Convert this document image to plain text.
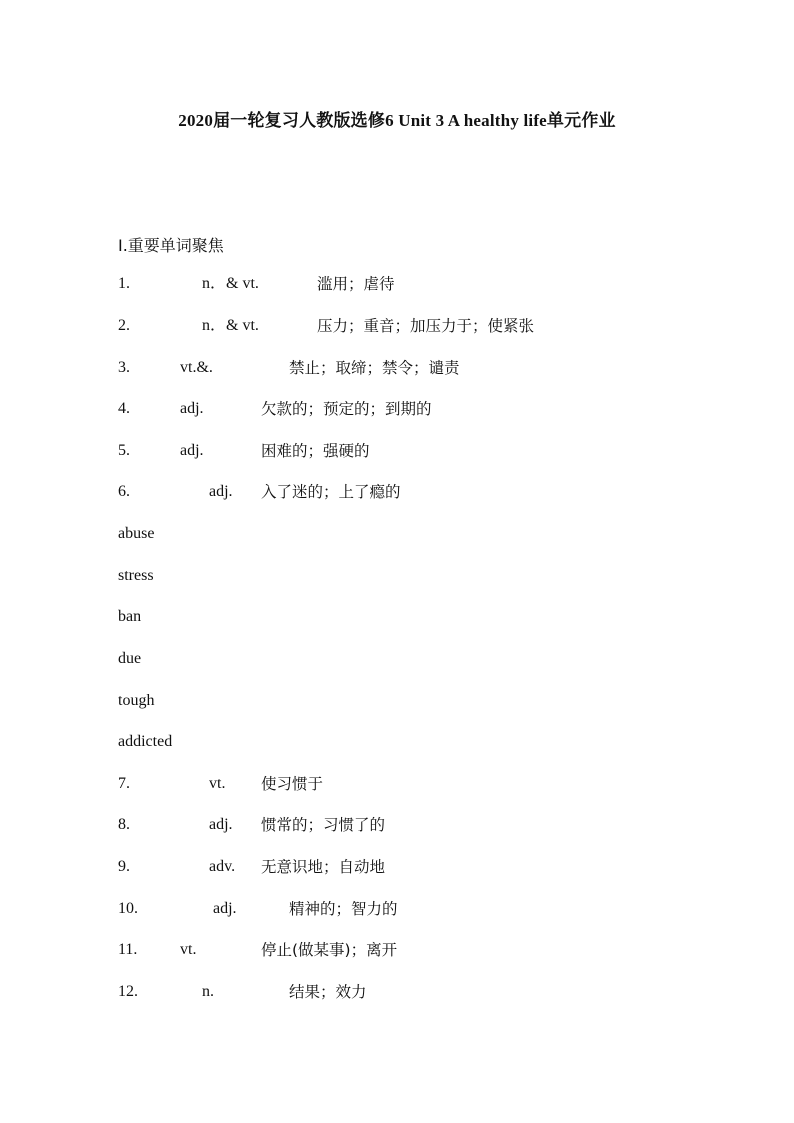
2020届一轮复习人教版选修6 Unit 3 A healthy life单元作业
Ⅰ.重要单词聚焦
1.	n．& vt.	滥用；虐待
2.	n．& vt.	压力；重音；加压力于；使紧张
3.	vt.&.	禁止；取缔；禁令；谴责
4.	adj.	欠款的；预定的；到期的
5.	adj.	困难的；强硬的
6.	adj. 入了迷的；上了瘾的
abuse
stress
ban
due
tough
addicted
7.	vt. 使习惯于
8.	adj. 惯常的；习惯了的
9.	adv. 无意识地；自动地
10.	adj.	精神的；智力的
11.	vt.	停止(做某事)；离开
12.	n.	结果；效力
